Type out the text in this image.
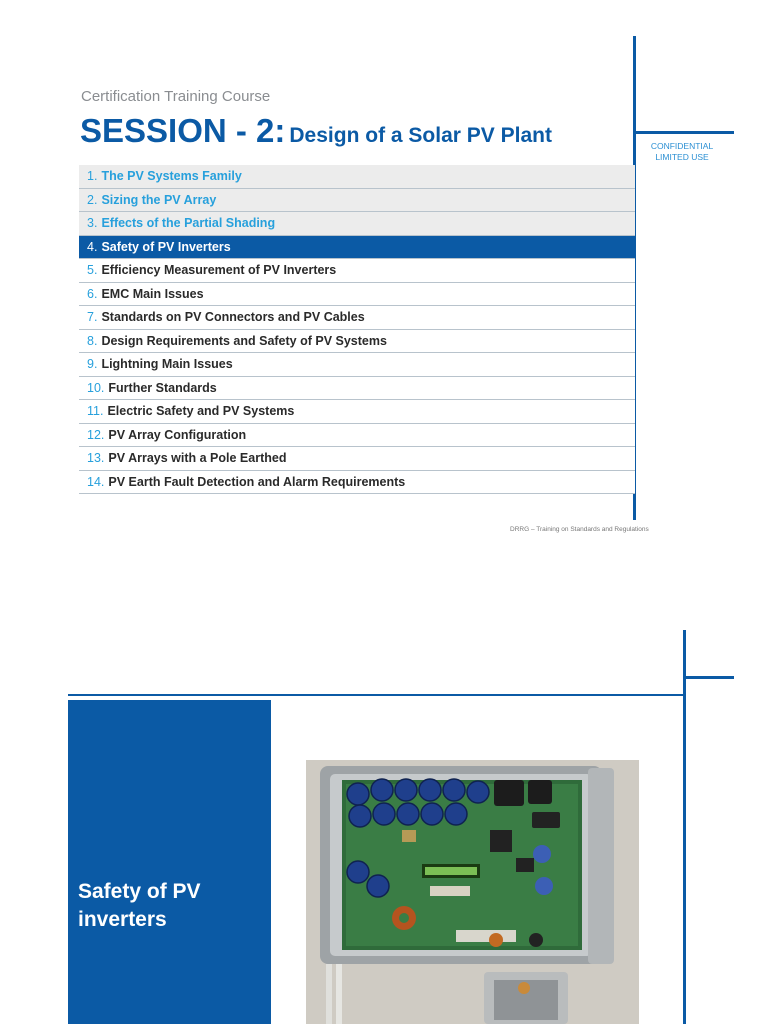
CONFIDENTIAL
LIMITED USE
Certification Training Course
SESSION - 2: Design of a Solar PV Plant
1. The PV Systems Family
2. Sizing the PV Array
3. Effects of the Partial Shading
4. Safety of PV Inverters
5. Efficiency Measurement of PV Inverters
6. EMC Main Issues
7. Standards on PV Connectors and PV Cables
8. Design Requirements and Safety of PV Systems
9. Lightning Main Issues
10. Further Standards
11. Electric Safety and PV Systems
12. PV Array Configuration
13. PV Arrays with a Pole Earthed
14. PV Earth Fault Detection and Alarm Requirements
DRRG – Training on Standards and Regulations
Safety of PV inverters
